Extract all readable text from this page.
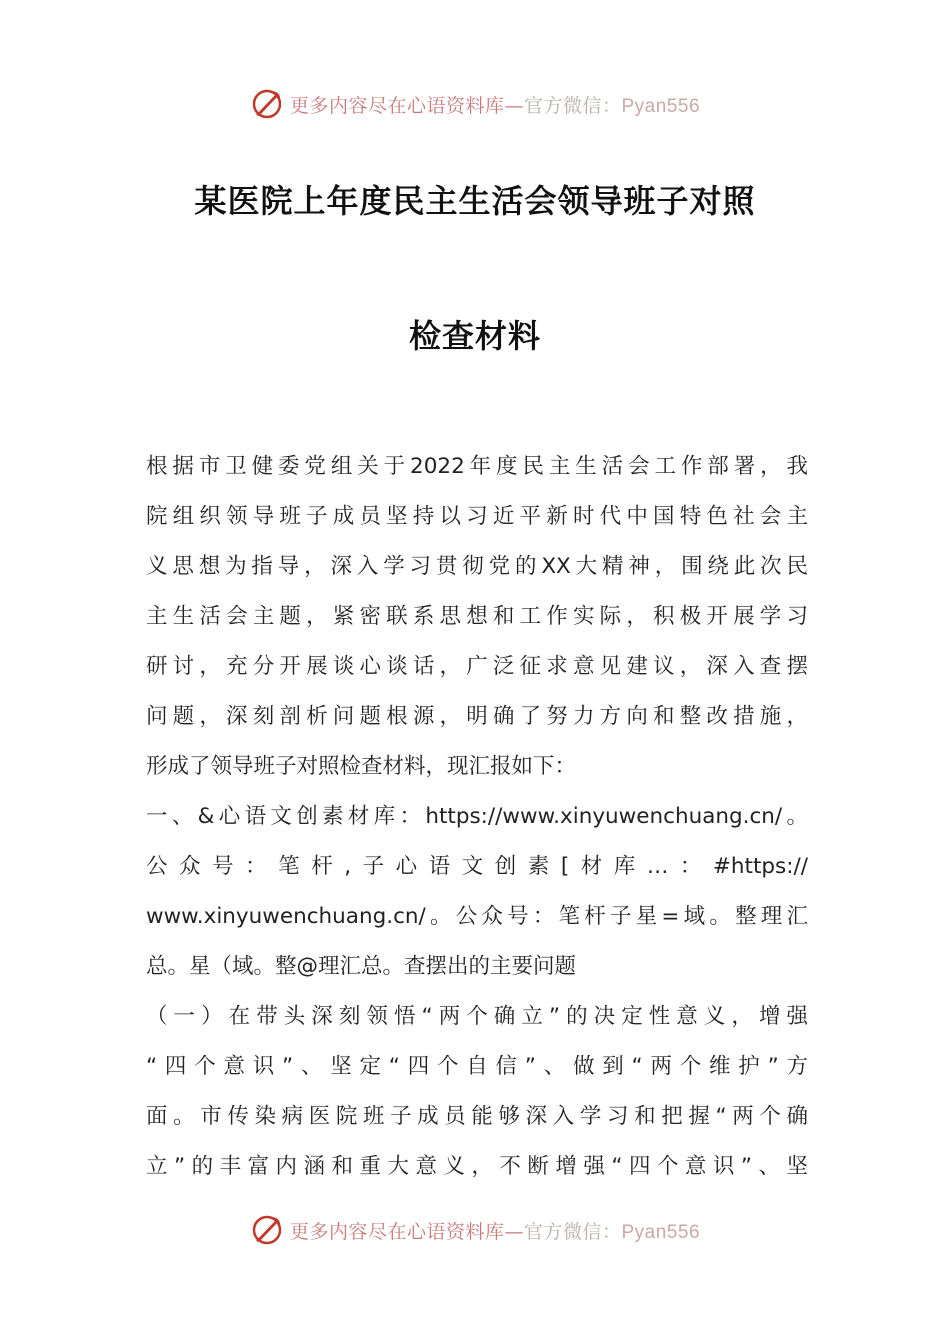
更多内容尽在心语资料库—官方微信：Pyan556
某医院上年度民主生活会领导班子对照
检查材料
根据市卫健委党组关于2022年度民主生活会工作部署，我
院组织领导班子成员坚持以习近平新时代中国特色社会主
义思想为指导，深入学习贯彻党的XX大精神，围绕此次民
主生活会主题，紧密联系思想和工作实际，积极开展学习
研讨，充分开展谈心谈话，广泛征求意见建议，深入查摆
问题，深刻剖析问题根源，明确了努力方向和整改措施，
形成了领导班子对照检查材料，现汇报如下：
一、&心语文创素材库：https://www.xinyuwenchuang.cn/。
公众号：笔杆,子心语文创素[材库…：#https://
www.xinyuwenchuang.cn/。公众号：笔杆子星=域。整理汇
总。星（域。整@理汇总。查摆出的主要问题
（一）在带头深刻领悟“两个确立”的决定性意义，增强
“四个意识”、坚定“四个自信”、做到“两个维护”方
面。市传染病医院班子成员能够深入学习和把握“两个确
立”的丰富内涵和重大意义，不断增强“四个意识”、坚
更多内容尽在心语资料库—官方微信：Pyan556
